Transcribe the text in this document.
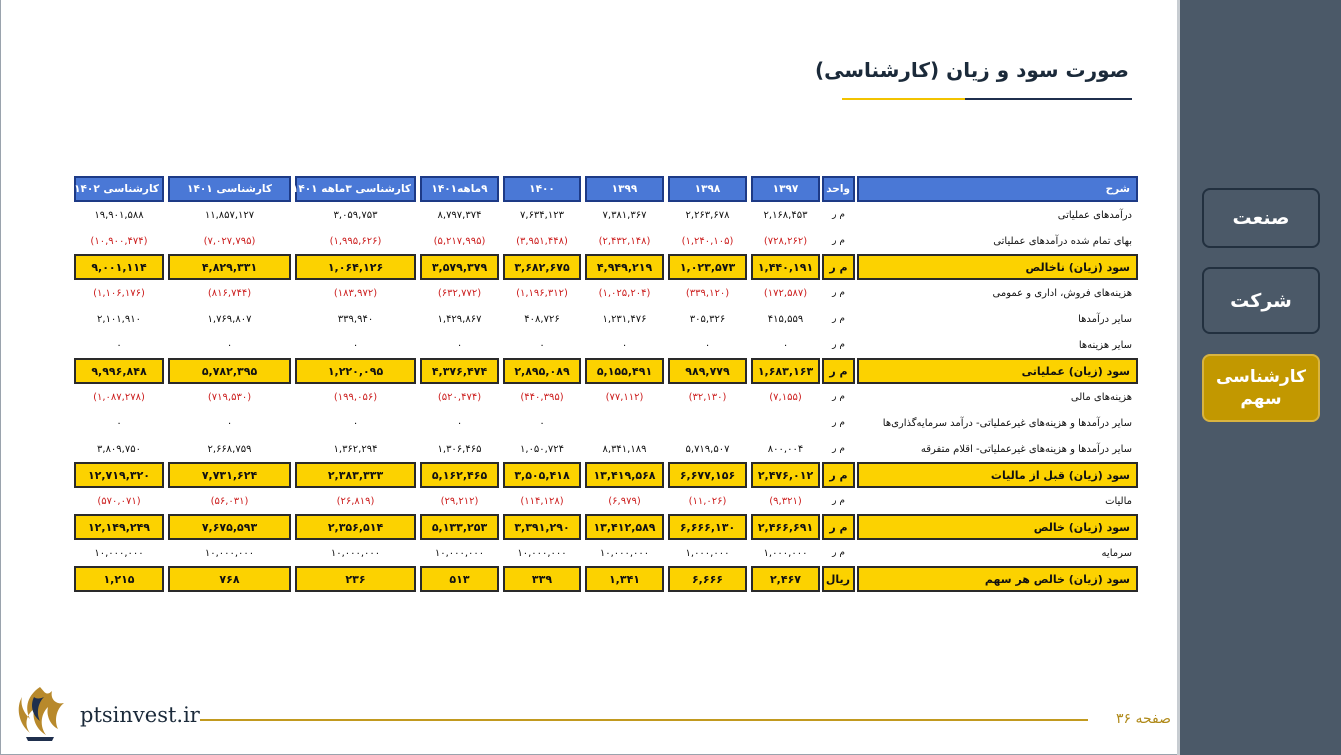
صنعت
شرکت
کارشناسی سهم
صورت سود و زیان (کارشناسی)
کارشناسی ۱۴۰۲		کارشناسی ۱۴۰۱		کارشناسی ۳ماهه ۱۴۰۱		۹ماهه۱۴۰۱		۱۴۰۰		۱۳۹۹		۱۳۹۸		۱۳۹۷		واحد		شرح
۱۹,۹۰۱,۵۸۸		۱۱,۸۵۷,۱۲۷		۳,۰۵۹,۷۵۳		۸,۷۹۷,۳۷۴		۷,۶۳۴,۱۲۳		۷,۳۸۱,۳۶۷		۲,۲۶۳,۶۷۸		۲,۱۶۸,۴۵۳		م ر		درآمدهای عملیاتی
(۱۰,۹۰۰,۴۷۴)		(۷,۰۲۷,۷۹۵)		(۱,۹۹۵,۶۲۶)		(۵,۲۱۷,۹۹۵)		(۳,۹۵۱,۴۴۸)		(۲,۴۳۲,۱۴۸)		(۱,۲۴۰,۱۰۵)		(۷۲۸,۲۶۲)		م ر		بهای تمام شده درآمدهای عملیاتی
۹,۰۰۱,۱۱۴		۴,۸۲۹,۳۳۱		۱,۰۶۴,۱۲۶		۳,۵۷۹,۳۷۹		۳,۶۸۲,۶۷۵		۴,۹۴۹,۲۱۹		۱,۰۲۳,۵۷۳		۱,۴۴۰,۱۹۱		م ر		سود (زیان) ناخالص
(۱,۱۰۶,۱۷۶)		(۸۱۶,۷۴۴)		(۱۸۳,۹۷۲)		(۶۳۲,۷۷۲)		(۱,۱۹۶,۳۱۲)		(۱,۰۲۵,۲۰۴)		(۳۳۹,۱۲۰)		(۱۷۲,۵۸۷)		م ر		هزینه‌های فروش، اداری و عمومی
۲,۱۰۱,۹۱۰		۱,۷۶۹,۸۰۷		۳۳۹,۹۴۰		۱,۴۲۹,۸۶۷		۴۰۸,۷۲۶		۱,۲۳۱,۴۷۶		۳۰۵,۳۲۶		۴۱۵,۵۵۹		م ر		سایر درآمدها
۰		۰		۰		۰		۰		۰		۰		۰		م ر		سایر هزینه‌ها
۹,۹۹۶,۸۴۸		۵,۷۸۲,۳۹۵		۱,۲۲۰,۰۹۵		۴,۳۷۶,۴۷۴		۲,۸۹۵,۰۸۹		۵,۱۵۵,۴۹۱		۹۸۹,۷۷۹		۱,۶۸۳,۱۶۳		م ر		سود (زیان) عملیاتی
(۱,۰۸۷,۲۷۸)		(۷۱۹,۵۳۰)		(۱۹۹,۰۵۶)		(۵۲۰,۴۷۴)		(۴۴۰,۳۹۵)		(۷۷,۱۱۲)		(۳۲,۱۳۰)		(۷,۱۵۵)		م ر		هزینه‌های مالی
۰		۰		۰		۰		۰								م ر		سایر درآمدها و هزینه‌های غیرعملیاتی- درآمد سرمایه‌گذاری‌ها
۳,۸۰۹,۷۵۰		۲,۶۶۸,۷۵۹		۱,۳۶۲,۲۹۴		۱,۳۰۶,۴۶۵		۱,۰۵۰,۷۲۴		۸,۳۴۱,۱۸۹		۵,۷۱۹,۵۰۷		۸۰۰,۰۰۴		م ر		سایر درآمدها و هزینه‌های غیرعملیاتی- اقلام متفرقه
۱۲,۷۱۹,۳۲۰		۷,۷۳۱,۶۲۴		۲,۳۸۳,۳۳۳		۵,۱۶۲,۴۶۵		۳,۵۰۵,۴۱۸		۱۳,۴۱۹,۵۶۸		۶,۶۷۷,۱۵۶		۲,۴۷۶,۰۱۲		م ر		سود (زیان) قبل از مالیات
(۵۷۰,۰۷۱)		(۵۶,۰۳۱)		(۲۶,۸۱۹)		(۲۹,۲۱۲)		(۱۱۴,۱۲۸)		(۶,۹۷۹)		(۱۱,۰۲۶)		(۹,۳۲۱)		م ر		مالیات
۱۲,۱۴۹,۲۴۹		۷,۶۷۵,۵۹۳		۲,۳۵۶,۵۱۴		۵,۱۳۳,۲۵۳		۳,۳۹۱,۲۹۰		۱۳,۴۱۲,۵۸۹		۶,۶۶۶,۱۳۰		۲,۴۶۶,۶۹۱		م ر		سود (زیان) خالص
۱۰,۰۰۰,۰۰۰		۱۰,۰۰۰,۰۰۰		۱۰,۰۰۰,۰۰۰		۱۰,۰۰۰,۰۰۰		۱۰,۰۰۰,۰۰۰		۱۰,۰۰۰,۰۰۰		۱,۰۰۰,۰۰۰		۱,۰۰۰,۰۰۰		م ر		سرمایه
۱,۲۱۵		۷۶۸		۲۳۶		۵۱۳		۳۳۹		۱,۳۴۱		۶,۶۶۶		۲,۴۶۷		ریال		سود (زیان) خالص هر سهم
ptsinvest.ir	صفحه ۳۶
